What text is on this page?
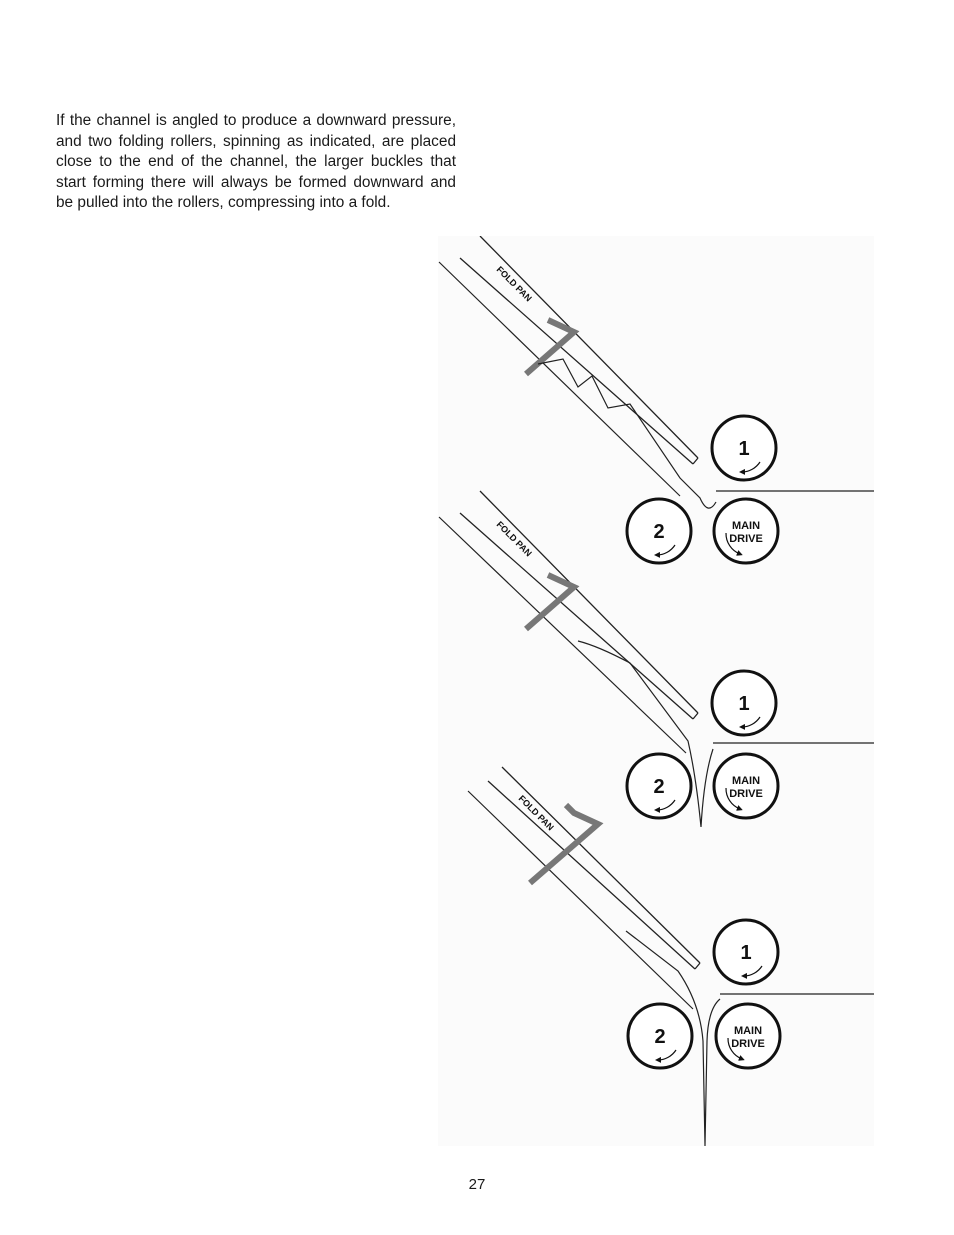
If the channel is angled to produce a downward pressure, and two folding rollers, spinning as indicated, are placed close to the end of the channel, the larger buckles that start forming there will always be formed downward and be pulled into the rollers, compressing into a fold.

FOLD PAN
1
2	MAIN
DRIVE
FOLD PAN
1
2	MAIN
DRIVE
FOLD PAN
1
2	MAIN
DRIVE
27
